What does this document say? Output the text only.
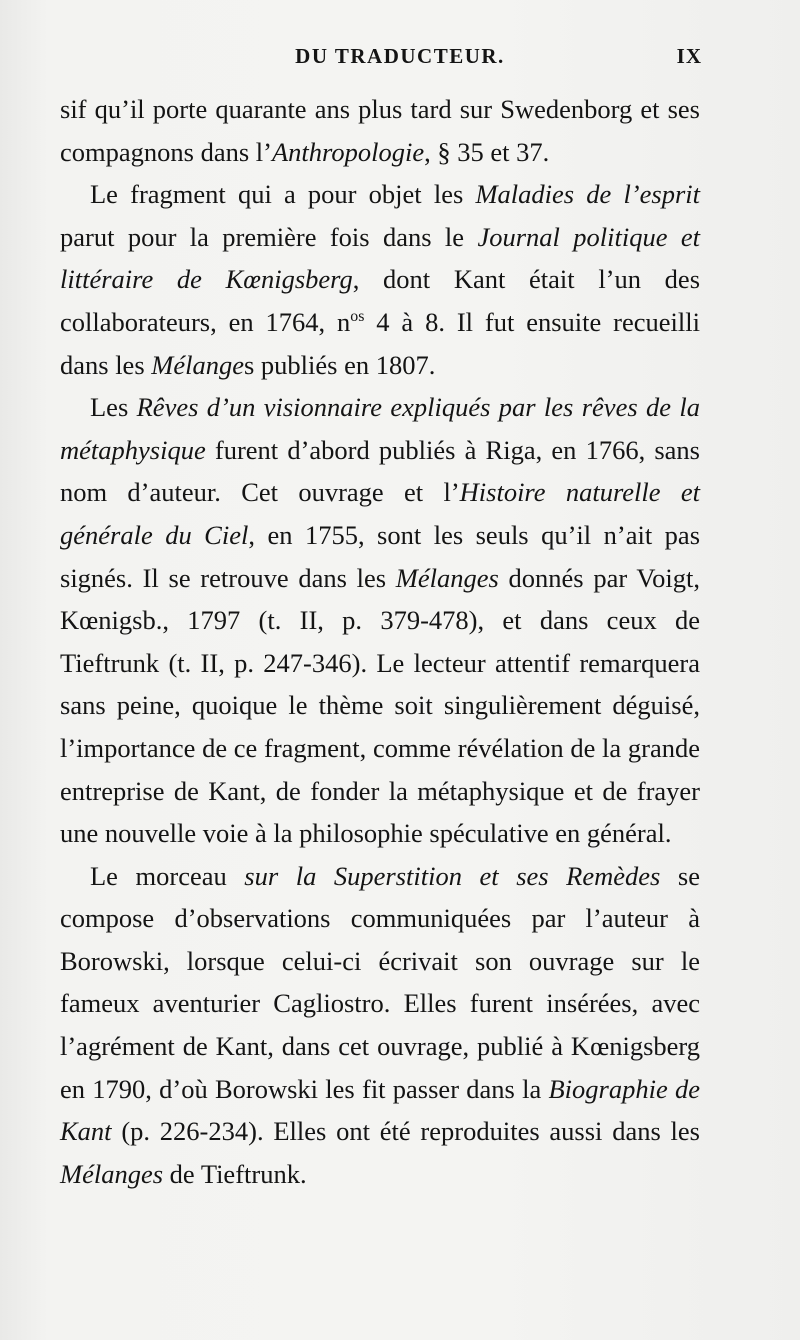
DU TRADUCTEUR.	IX

sif qu’il porte quarante ans plus tard sur Swedenborg et ses compagnons dans l’Anthropologie, § 35 et 37.

Le fragment qui a pour objet les Maladies de l’esprit parut pour la première fois dans le Journal politique et littéraire de Kœnigsberg, dont Kant était l’un des collaborateurs, en 1764, $n^{os}$ 4 à 8. Il fut ensuite recueilli dans les Mélanges publiés en 1807.

Les Rêves d’un visionnaire expliqués par les rêves de la métaphysique furent d’abord publiés à Riga, en 1766, sans nom d’auteur. Cet ouvrage et l’Histoire naturelle et générale du Ciel, en 1755, sont les seuls qu’il n’ait pas signés. Il se retrouve dans les Mélanges donnés par Voigt, Kœnigsb., 1797 (t. II, p. 379-478), et dans ceux de Tieftrunk (t. II, p. 247-346). Le lecteur attentif remarquera sans peine, quoique le thème soit singulièrement déguisé, l’importance de ce fragment, comme révélation de la grande entreprise de Kant, de fonder la métaphysique et de frayer une nouvelle voie à la philosophie spéculative en général.

Le morceau sur la Superstition et ses Remèdes se compose d’observations communiquées par l’auteur à Borowski, lorsque celui-ci écrivait son ouvrage sur le fameux aventurier Cagliostro. Elles furent insérées, avec l’agrément de Kant, dans cet ouvrage, publié à Kœnigsberg en 1790, d’où Borowski les fit passer dans la Biographie de Kant (p. 226-234). Elles ont été reproduites aussi dans les Mélanges de Tieftrunk.
